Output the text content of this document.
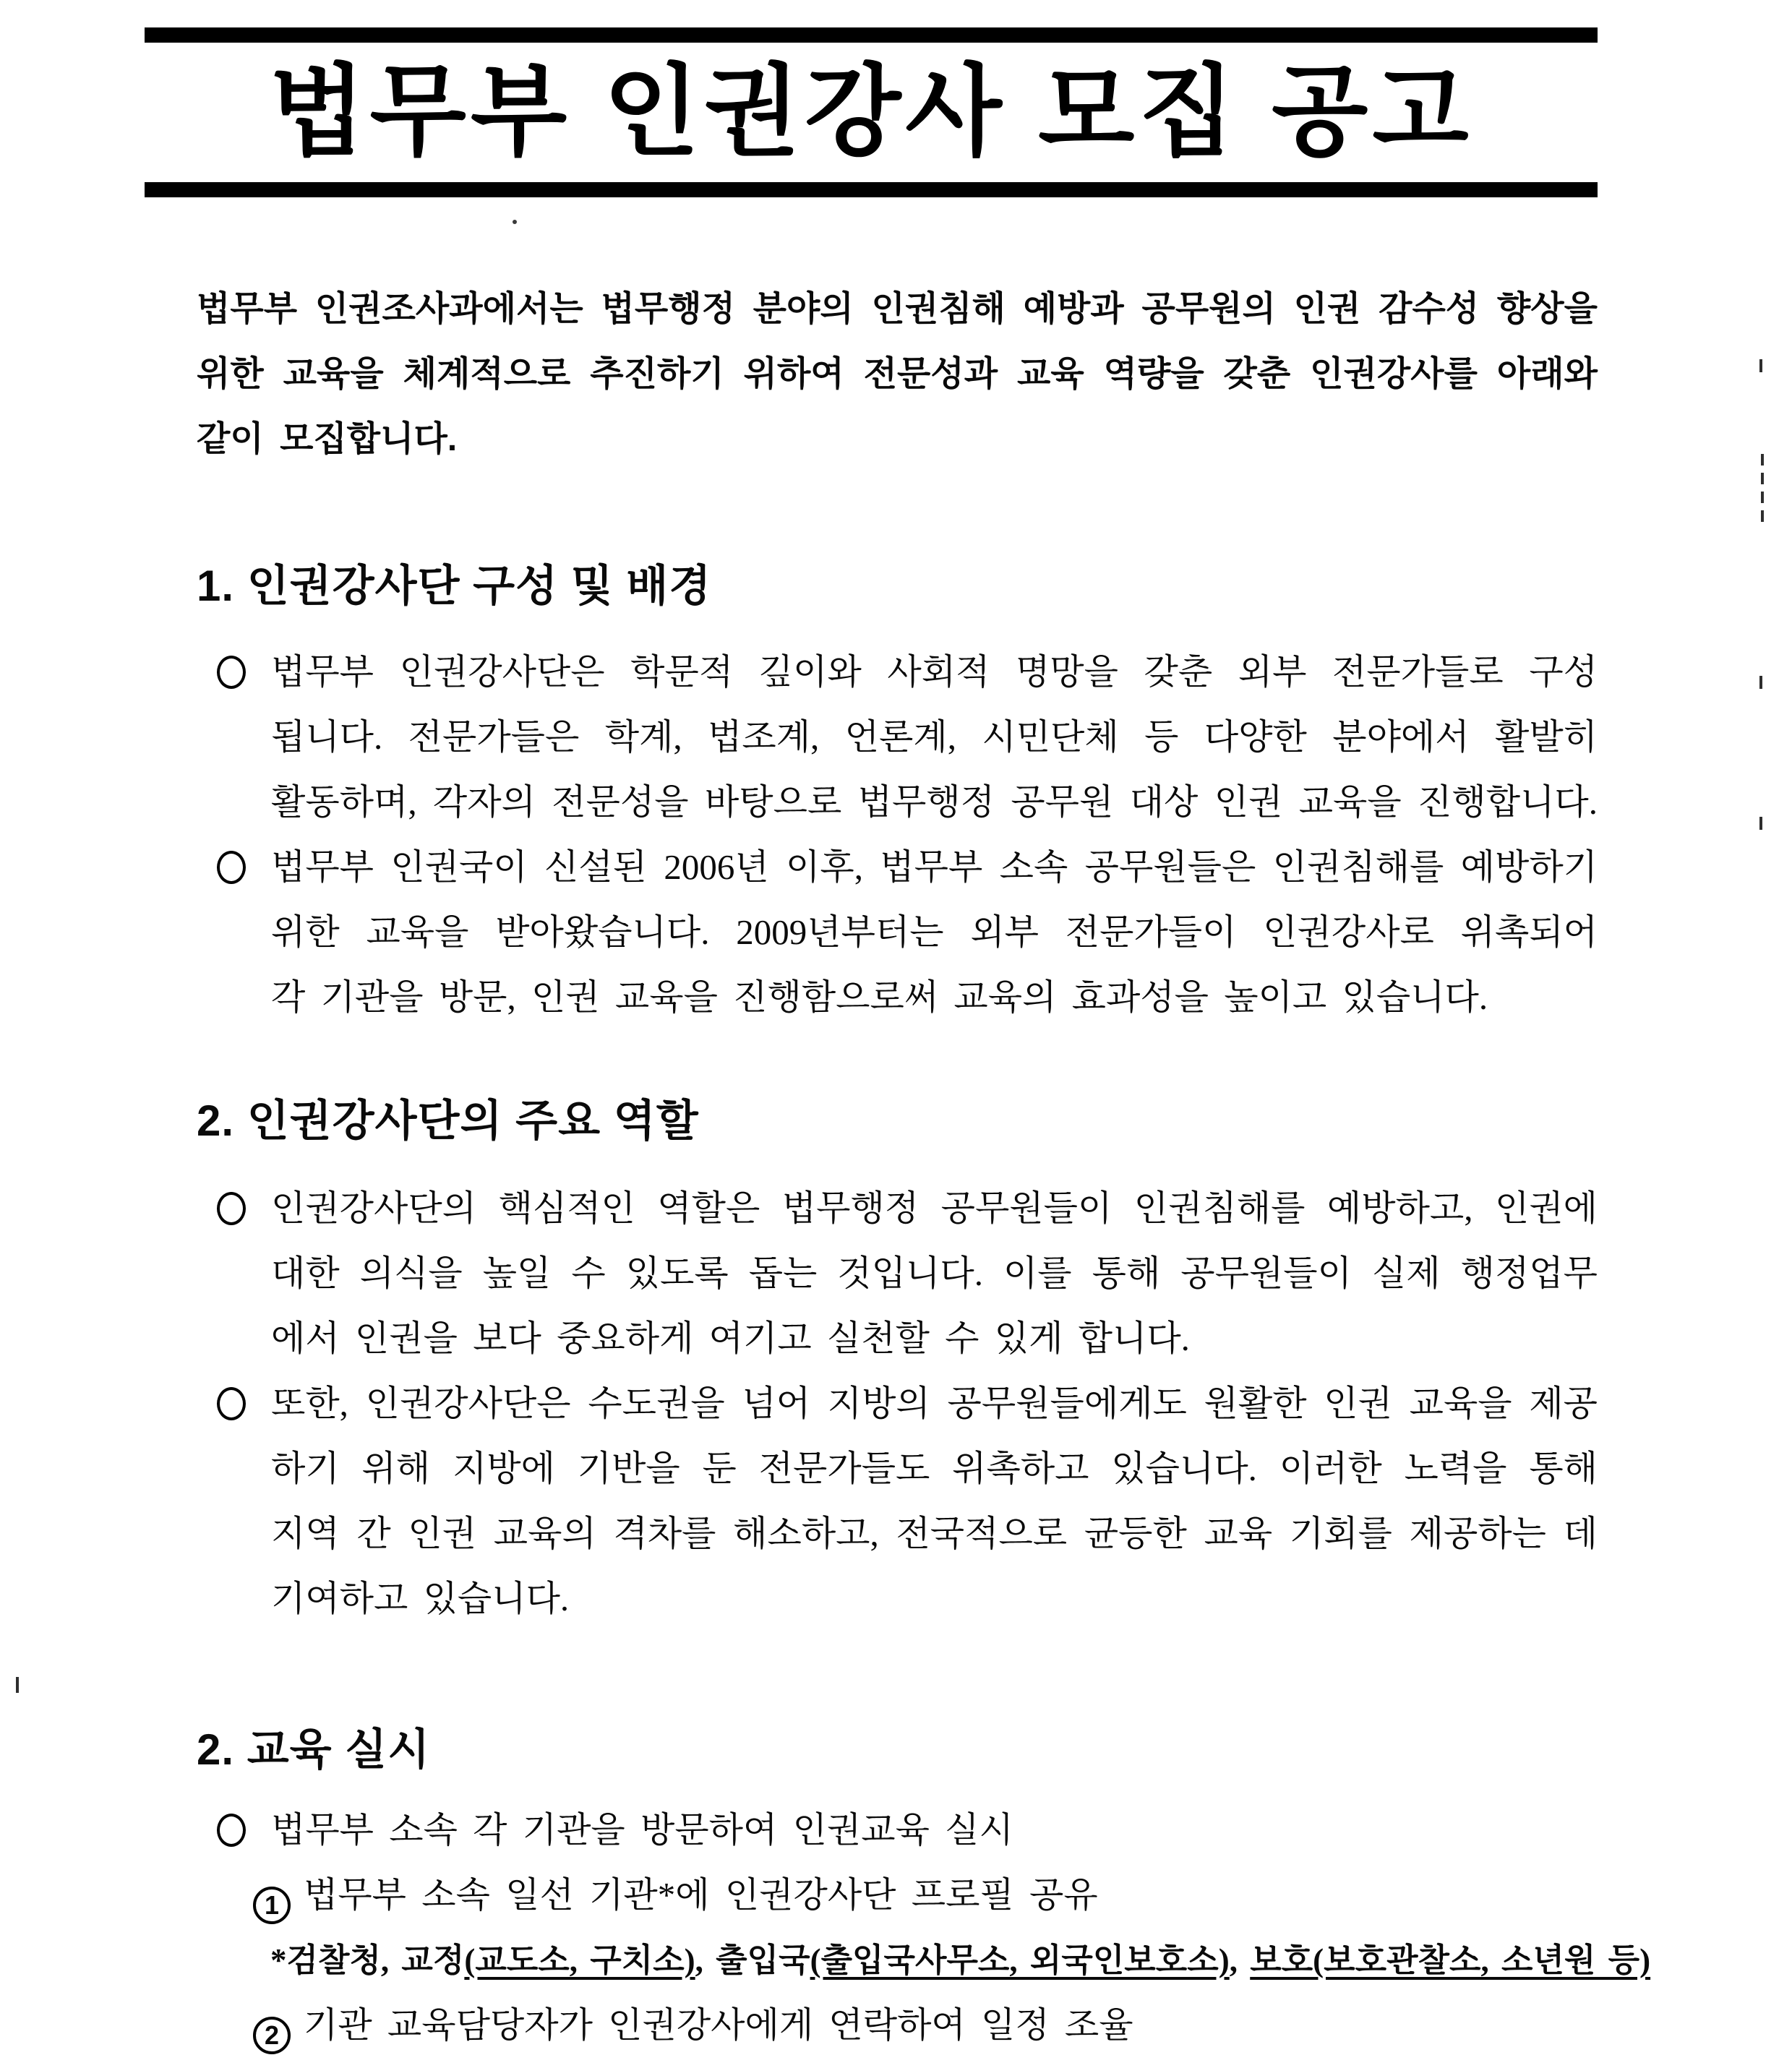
법무부 인권강사 모집 공고
법무부 인권조사과에서는 법무행정 분야의 인권침해 예방과 공무원의 인권 감수성 향상을
위한 교육을 체계적으로 추진하기 위하여 전문성과 교육 역량을 갖춘 인권강사를 아래와
같이 모집합니다.
1. 인권강사단 구성 및 배경
법무부 인권강사단은 학문적 깊이와 사회적 명망을 갖춘 외부 전문가들로 구성
됩니다. 전문가들은 학계, 법조계, 언론계, 시민단체 등 다양한 분야에서 활발히
활동하며, 각자의 전문성을 바탕으로 법무행정 공무원 대상 인권 교육을 진행합니다.
법무부 인권국이 신설된 2006년 이후, 법무부 소속 공무원들은 인권침해를 예방하기
위한 교육을 받아왔습니다. 2009년부터는 외부 전문가들이 인권강사로 위촉되어
각 기관을 방문, 인권 교육을 진행함으로써 교육의 효과성을 높이고 있습니다.
2. 인권강사단의 주요 역할
인권강사단의 핵심적인 역할은 법무행정 공무원들이 인권침해를 예방하고, 인권에
대한 의식을 높일 수 있도록 돕는 것입니다. 이를 통해 공무원들이 실제 행정업무
에서 인권을 보다 중요하게 여기고 실천할 수 있게 합니다.
또한, 인권강사단은 수도권을 넘어 지방의 공무원들에게도 원활한 인권 교육을 제공
하기 위해 지방에 기반을 둔 전문가들도 위촉하고 있습니다. 이러한 노력을 통해
지역 간 인권 교육의 격차를 해소하고, 전국적으로 균등한 교육 기회를 제공하는 데
기여하고 있습니다.
2. 교육 실시
법무부 소속 각 기관을 방문하여 인권교육 실시
1 법무부 소속 일선 기관*에 인권강사단 프로필 공유
*검찰청, 교정(교도소, 구치소), 출입국(출입국사무소, 외국인보호소), 보호(보호관찰소, 소년원 등)
2 기관 교육담당자가 인권강사에게 연락하여 일정 조율
